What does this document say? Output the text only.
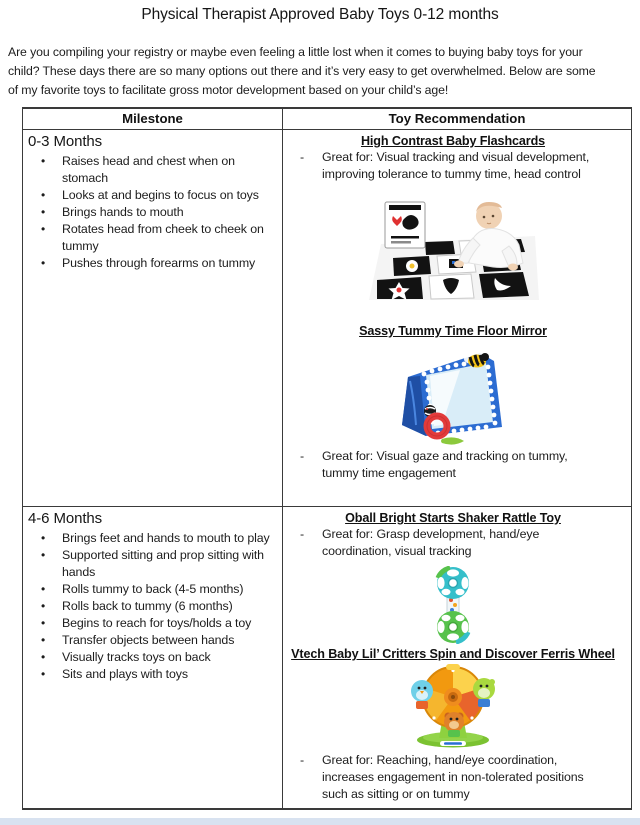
Physical Therapist Approved Baby Toys 0-12 months
Are you compiling your registry or maybe even feeling a little lost when it comes to buying baby toys for your
child? These days there are so many options out there and it’s very easy to get overwhelmed. Below are some
of my favorite toys to facilitate gross motor development based on your child’s age!
Milestone	Toy Recommendation
0-3 Months
• Raises head and chest when on stomach
• Looks at and begins to focus on toys
• Brings hands to mouth
• Rotates head from cheek to cheek on tummy
• Pushes through forearms on tummy
High Contrast Baby Flashcards
- Great for: Visual tracking and visual development,
improving tolerance to tummy time, head control
Sassy Tummy Time Floor Mirror
- Great for: Visual gaze and tracking on tummy,
tummy time engagement
4-6 Months
• Brings feet and hands to mouth to play
• Supported sitting and prop sitting with hands
• Rolls tummy to back (4-5 months)
• Rolls back to tummy (6 months)
• Begins to reach for toys/holds a toy
• Transfer objects between hands
• Visually tracks toys on back
• Sits and plays with toys
Oball Bright Starts Shaker Rattle Toy
- Great for: Grasp development, hand/eye
coordination, visual tracking
Vtech Baby Lil’ Critters Spin and Discover Ferris Wheel
- Great for: Reaching, hand/eye coordination,
increases engagement in non-tolerated positions
such as sitting or on tummy
